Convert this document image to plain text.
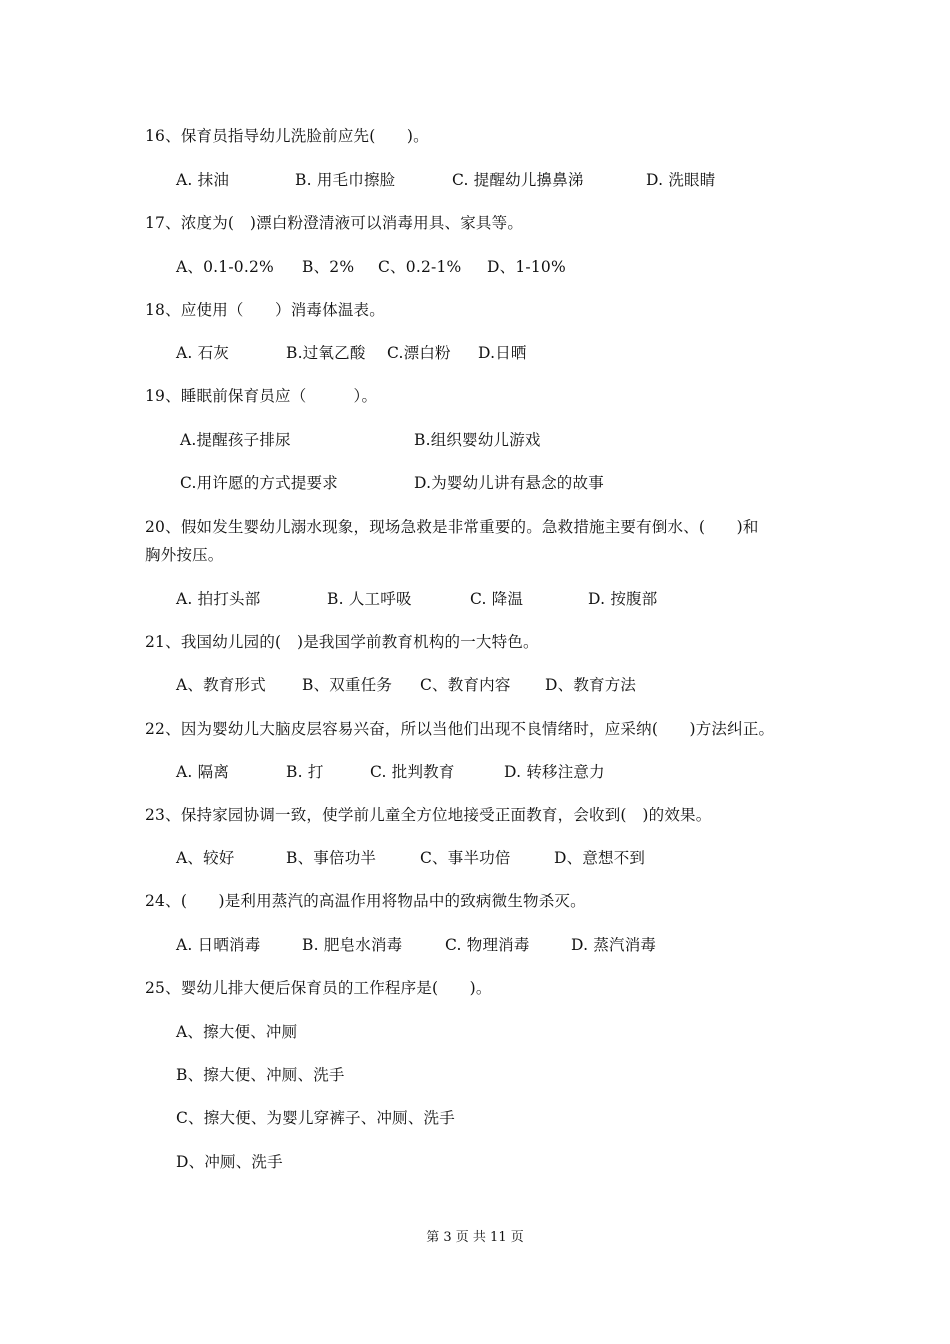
16、保育员指导幼儿洗脸前应先(　　)。
A. 抹油	B. 用毛巾擦脸	C. 提醒幼儿擤鼻涕	D. 洗眼睛
17、浓度为(　)漂白粉澄清液可以消毒用具、家具等。
A、0.1-0.2% B、2% C、0.2-1% D、1-10%
18、应使用（　　）消毒体温表。
A. 石灰	B.过氧乙酸 C.漂白粉 D.日晒
19、睡眠前保育员应（　　　）。
A.提醒孩子排尿	B.组织婴幼儿游戏
C.用许愿的方式提要求	D.为婴幼儿讲有悬念的故事
20、假如发生婴幼儿溺水现象，现场急救是非常重要的。急救措施主要有倒水、(　　)和
胸外按压。
A. 拍打头部	B. 人工呼吸	C. 降温	D. 按腹部
21、我国幼儿园的(　)是我国学前教育机构的一大特色。
A、教育形式 B、双重任务 C、教育内容 D、教育方法
22、因为婴幼儿大脑皮层容易兴奋，所以当他们出现不良情绪时，应采纳(　　)方法纠正。
A. 隔离	B. 打	C. 批判教育	D. 转移注意力
23、保持家园协调一致，使学前儿童全方位地接受正面教育，会收到(　)的效果。
A、较好	B、事倍功半	C、事半功倍	D、意想不到
24、(　　)是利用蒸汽的高温作用将物品中的致病微生物杀灭。
A. 日晒消毒	B. 肥皂水消毒	C. 物理消毒	D. 蒸汽消毒
25、婴幼儿排大便后保育员的工作程序是(　　)。
A、擦大便、冲厕
B、擦大便、冲厕、洗手
C、擦大便、为婴儿穿裤子、冲厕、洗手
D、冲厕、洗手
第 3 页 共 11 页
